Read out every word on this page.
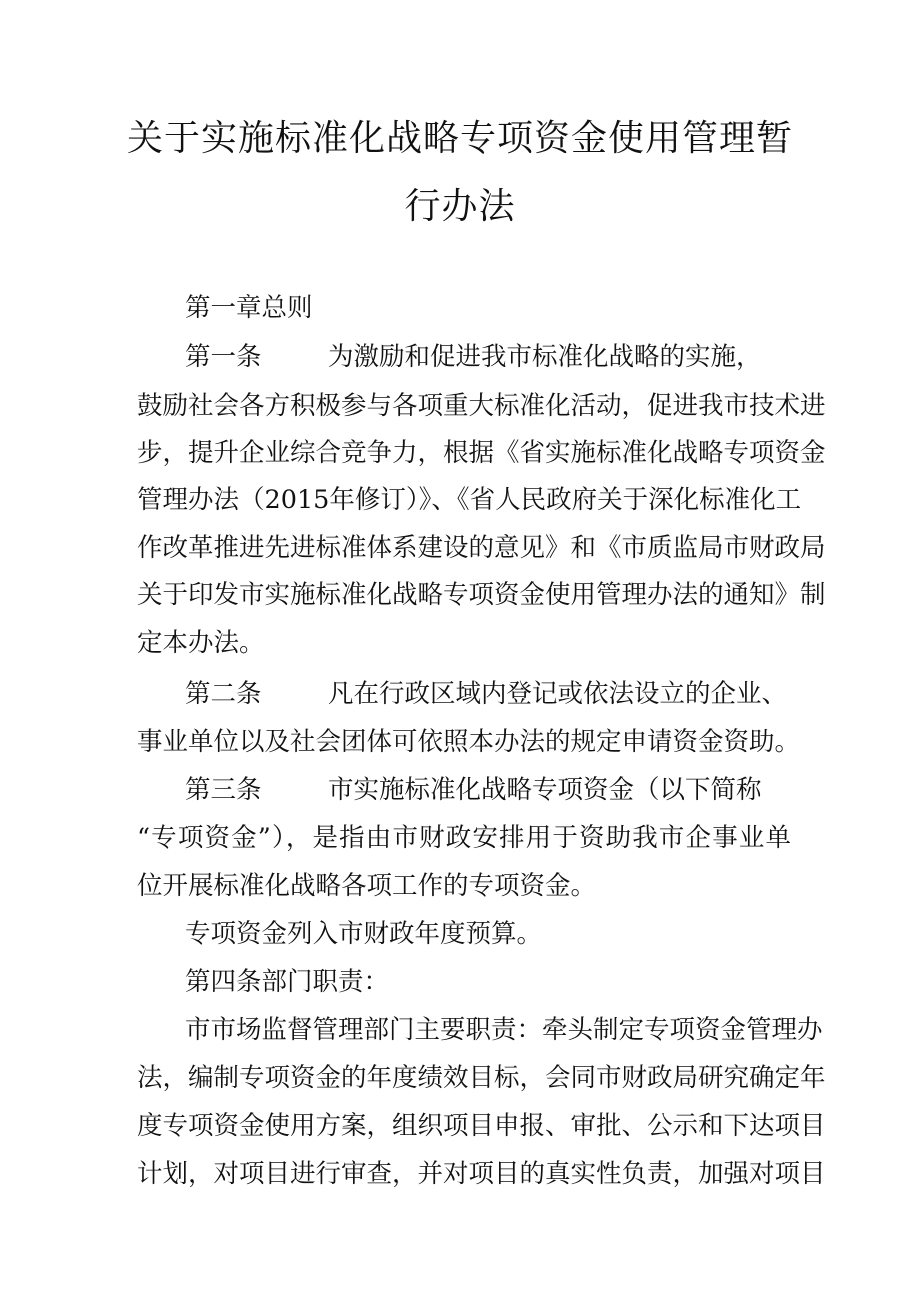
关于实施标准化战略专项资金使用管理暂
行办法
第一章总则
第一条	为激励和促进我市标准化战略的实施，
鼓励社会各方积极参与各项重大标准化活动，促进我市技术进
步，提升企业综合竞争力，根据《省实施标准化战略专项资金
管理办法（2015年修订）》、《省人民政府关于深化标准化工
作改革推进先进标准体系建设的意见》和《市质监局市财政局
关于印发市实施标准化战略专项资金使用管理办法的通知》制
定本办法。
第二条	凡在行政区域内登记或依法设立的企业、
事业单位以及社会团体可依照本办法的规定申请资金资助。
第三条	市实施标准化战略专项资金（以下简称
“专项资金”），是指由市财政安排用于资助我市企事业单
位开展标准化战略各项工作的专项资金。
专项资金列入市财政年度预算。
第四条部门职责：
市市场监督管理部门主要职责：牵头制定专项资金管理办
法，编制专项资金的年度绩效目标，会同市财政局研究确定年
度专项资金使用方案，组织项目申报、审批、公示和下达项目
计划，对项目进行审查，并对项目的真实性负责，加强对项目
